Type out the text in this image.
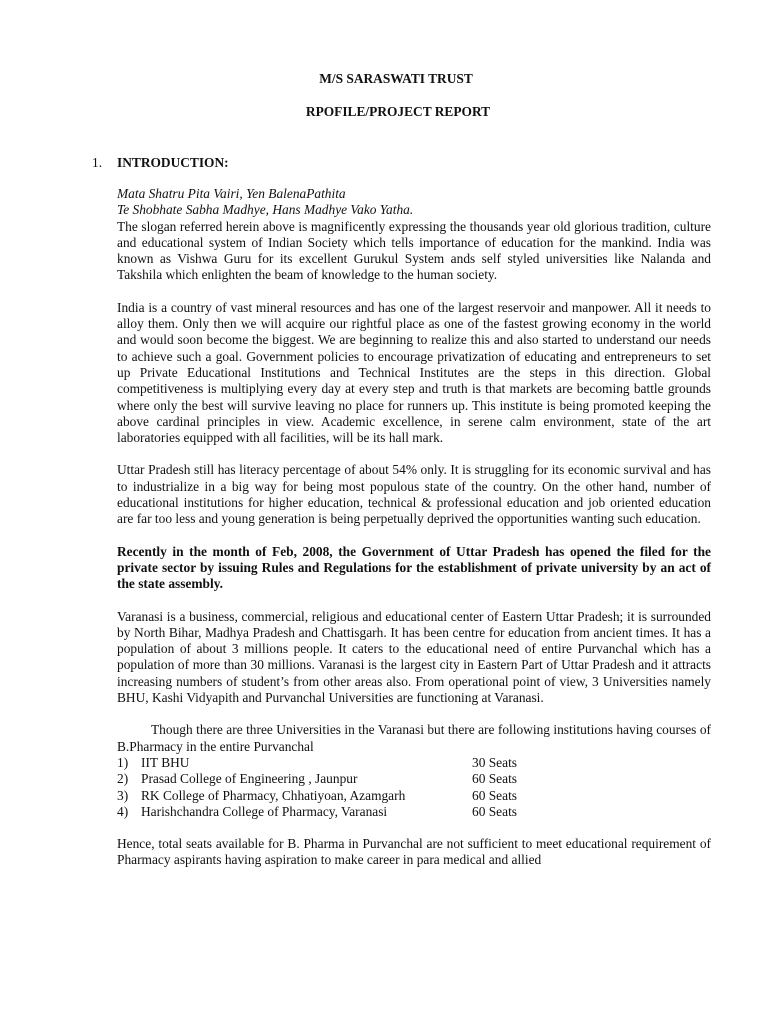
M/S SARASWATI TRUST
RPOFILE/PROJECT REPORT
1. INTRODUCTION:

Mata Shatru Pita Vairi, Yen BalenaPathita

Te Shobhate Sabha Madhye, Hans Madhye Vako Yatha.

The slogan referred herein above is magnificently expressing the thousands year old glorious tradition, culture and educational system of Indian Society which tells importance of education for the mankind. India was known as Vishwa Guru for its excellent Gurukul System ands self styled universities like Nalanda and Takshila which enlighten the beam of knowledge to the human society.

India is a country of vast mineral resources and has one of the largest reservoir and manpower. All it needs to alloy them. Only then we will acquire our rightful place as one of the fastest growing economy in the world and would soon become the biggest. We are beginning to realize this and also started to understand our needs to achieve such a goal. Government policies to encourage privatization of educating and entrepreneurs to set up Private Educational Institutions and Technical Institutes are the steps in this direction. Global competitiveness is multiplying every day at every step and truth is that markets are becoming battle grounds where only the best will survive leaving no place for runners up. This institute is being promoted keeping the above cardinal principles in view. Academic excellence, in serene calm environment, state of the art laboratories equipped with all facilities, will be its hall mark.

Uttar Pradesh still has literacy percentage of about 54% only. It is struggling for its economic survival and has to industrialize in a big way for being most populous state of the country. On the other hand, number of educational institutions for higher education, technical & professional education and job oriented education are far too less and young generation is being perpetually deprived the opportunities wanting such education.

Recently in the month of Feb, 2008, the Government of Uttar Pradesh has opened the filed for the private sector by issuing Rules and Regulations for the establishment of private university by an act of the state assembly.

Varanasi is a business, commercial, religious and educational center of Eastern Uttar Pradesh; it is surrounded by North Bihar, Madhya Pradesh and Chattisgarh. It has been centre for education from ancient times. It has a population of about 3 millions people. It caters to the educational need of entire Purvanchal which has a population of more than 30 millions. Varanasi is the largest city in Eastern Part of Uttar Pradesh and it attracts increasing numbers of student’s from other areas also. From operational point of view, 3 Universities namely BHU, Kashi Vidyapith and Purvanchal Universities are functioning at Varanasi.

Though there are three Universities in the Varanasi but there are following institutions having courses of B.Pharmacy in the entire Purvanchal

1) IIT BHU	30 Seats
2) Prasad College of Engineering , Jaunpur	60 Seats
3) RK College of Pharmacy, Chhatiyoan, Azamgarh	60 Seats
4) Harishchandra College of Pharmacy, Varanasi	60 Seats

Hence, total seats available for B. Pharma in Purvanchal are not sufficient to meet educational requirement of Pharmacy aspirants having aspiration to make career in para medical and allied
